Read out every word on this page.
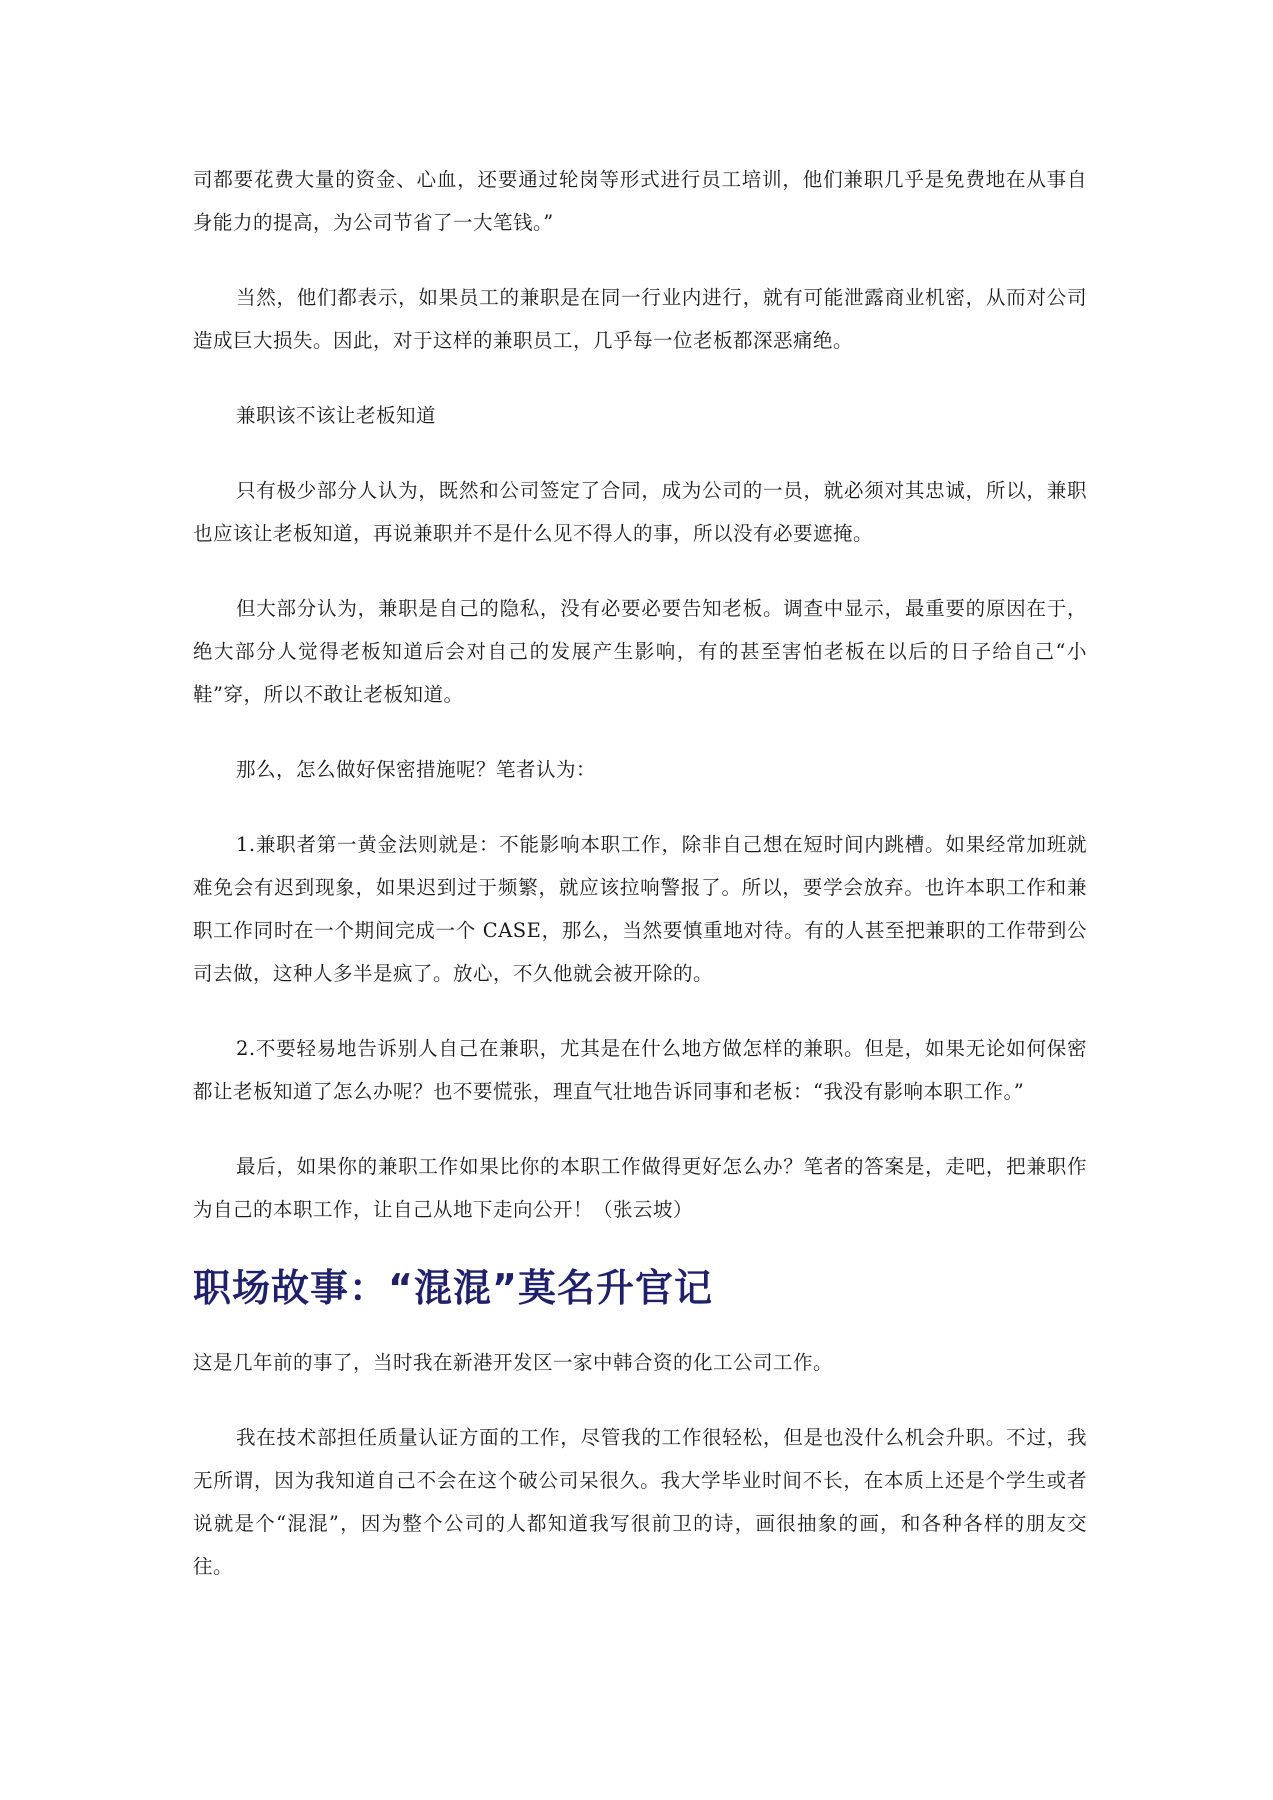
司都要花费大量的资金、心血，还要通过轮岗等形式进行员工培训，他们兼职几乎是免费地在从事自身能力的提高，为公司节省了一大笔钱。”

当然，他们都表示，如果员工的兼职是在同一行业内进行，就有可能泄露商业机密，从而对公司造成巨大损失。因此，对于这样的兼职员工，几乎每一位老板都深恶痛绝。

兼职该不该让老板知道

只有极少部分人认为，既然和公司签定了合同，成为公司的一员，就必须对其忠诚，所以，兼职也应该让老板知道，再说兼职并不是什么见不得人的事，所以没有必要遮掩。

但大部分认为，兼职是自己的隐私，没有必要必要告知老板。调查中显示，最重要的原因在于，绝大部分人觉得老板知道后会对自己的发展产生影响，有的甚至害怕老板在以后的日子给自己“小鞋”穿，所以不敢让老板知道。

那么，怎么做好保密措施呢？笔者认为：

1.兼职者第一黄金法则就是：不能影响本职工作，除非自己想在短时间内跳槽。如果经常加班就难免会有迟到现象，如果迟到过于频繁，就应该拉响警报了。所以，要学会放弃。也许本职工作和兼职工作同时在一个期间完成一个 CASE，那么，当然要慎重地对待。有的人甚至把兼职的工作带到公司去做，这种人多半是疯了。放心，不久他就会被开除的。

2.不要轻易地告诉别人自己在兼职，尤其是在什么地方做怎样的兼职。但是，如果无论如何保密都让老板知道了怎么办呢？也不要慌张，理直气壮地告诉同事和老板：“我没有影响本职工作。”

最后，如果你的兼职工作如果比你的本职工作做得更好怎么办？笔者的答案是，走吧，把兼职作为自己的本职工作，让自己从地下走向公开！（张云坡）

职场故事：“混混”莫名升官记

这是几年前的事了，当时我在新港开发区一家中韩合资的化工公司工作。

我在技术部担任质量认证方面的工作，尽管我的工作很轻松，但是也没什么机会升职。不过，我无所谓，因为我知道自己不会在这个破公司呆很久。我大学毕业时间不长，在本质上还是个学生或者说就是个“混混”，因为整个公司的人都知道我写很前卫的诗，画很抽象的画，和各种各样的朋友交往。
